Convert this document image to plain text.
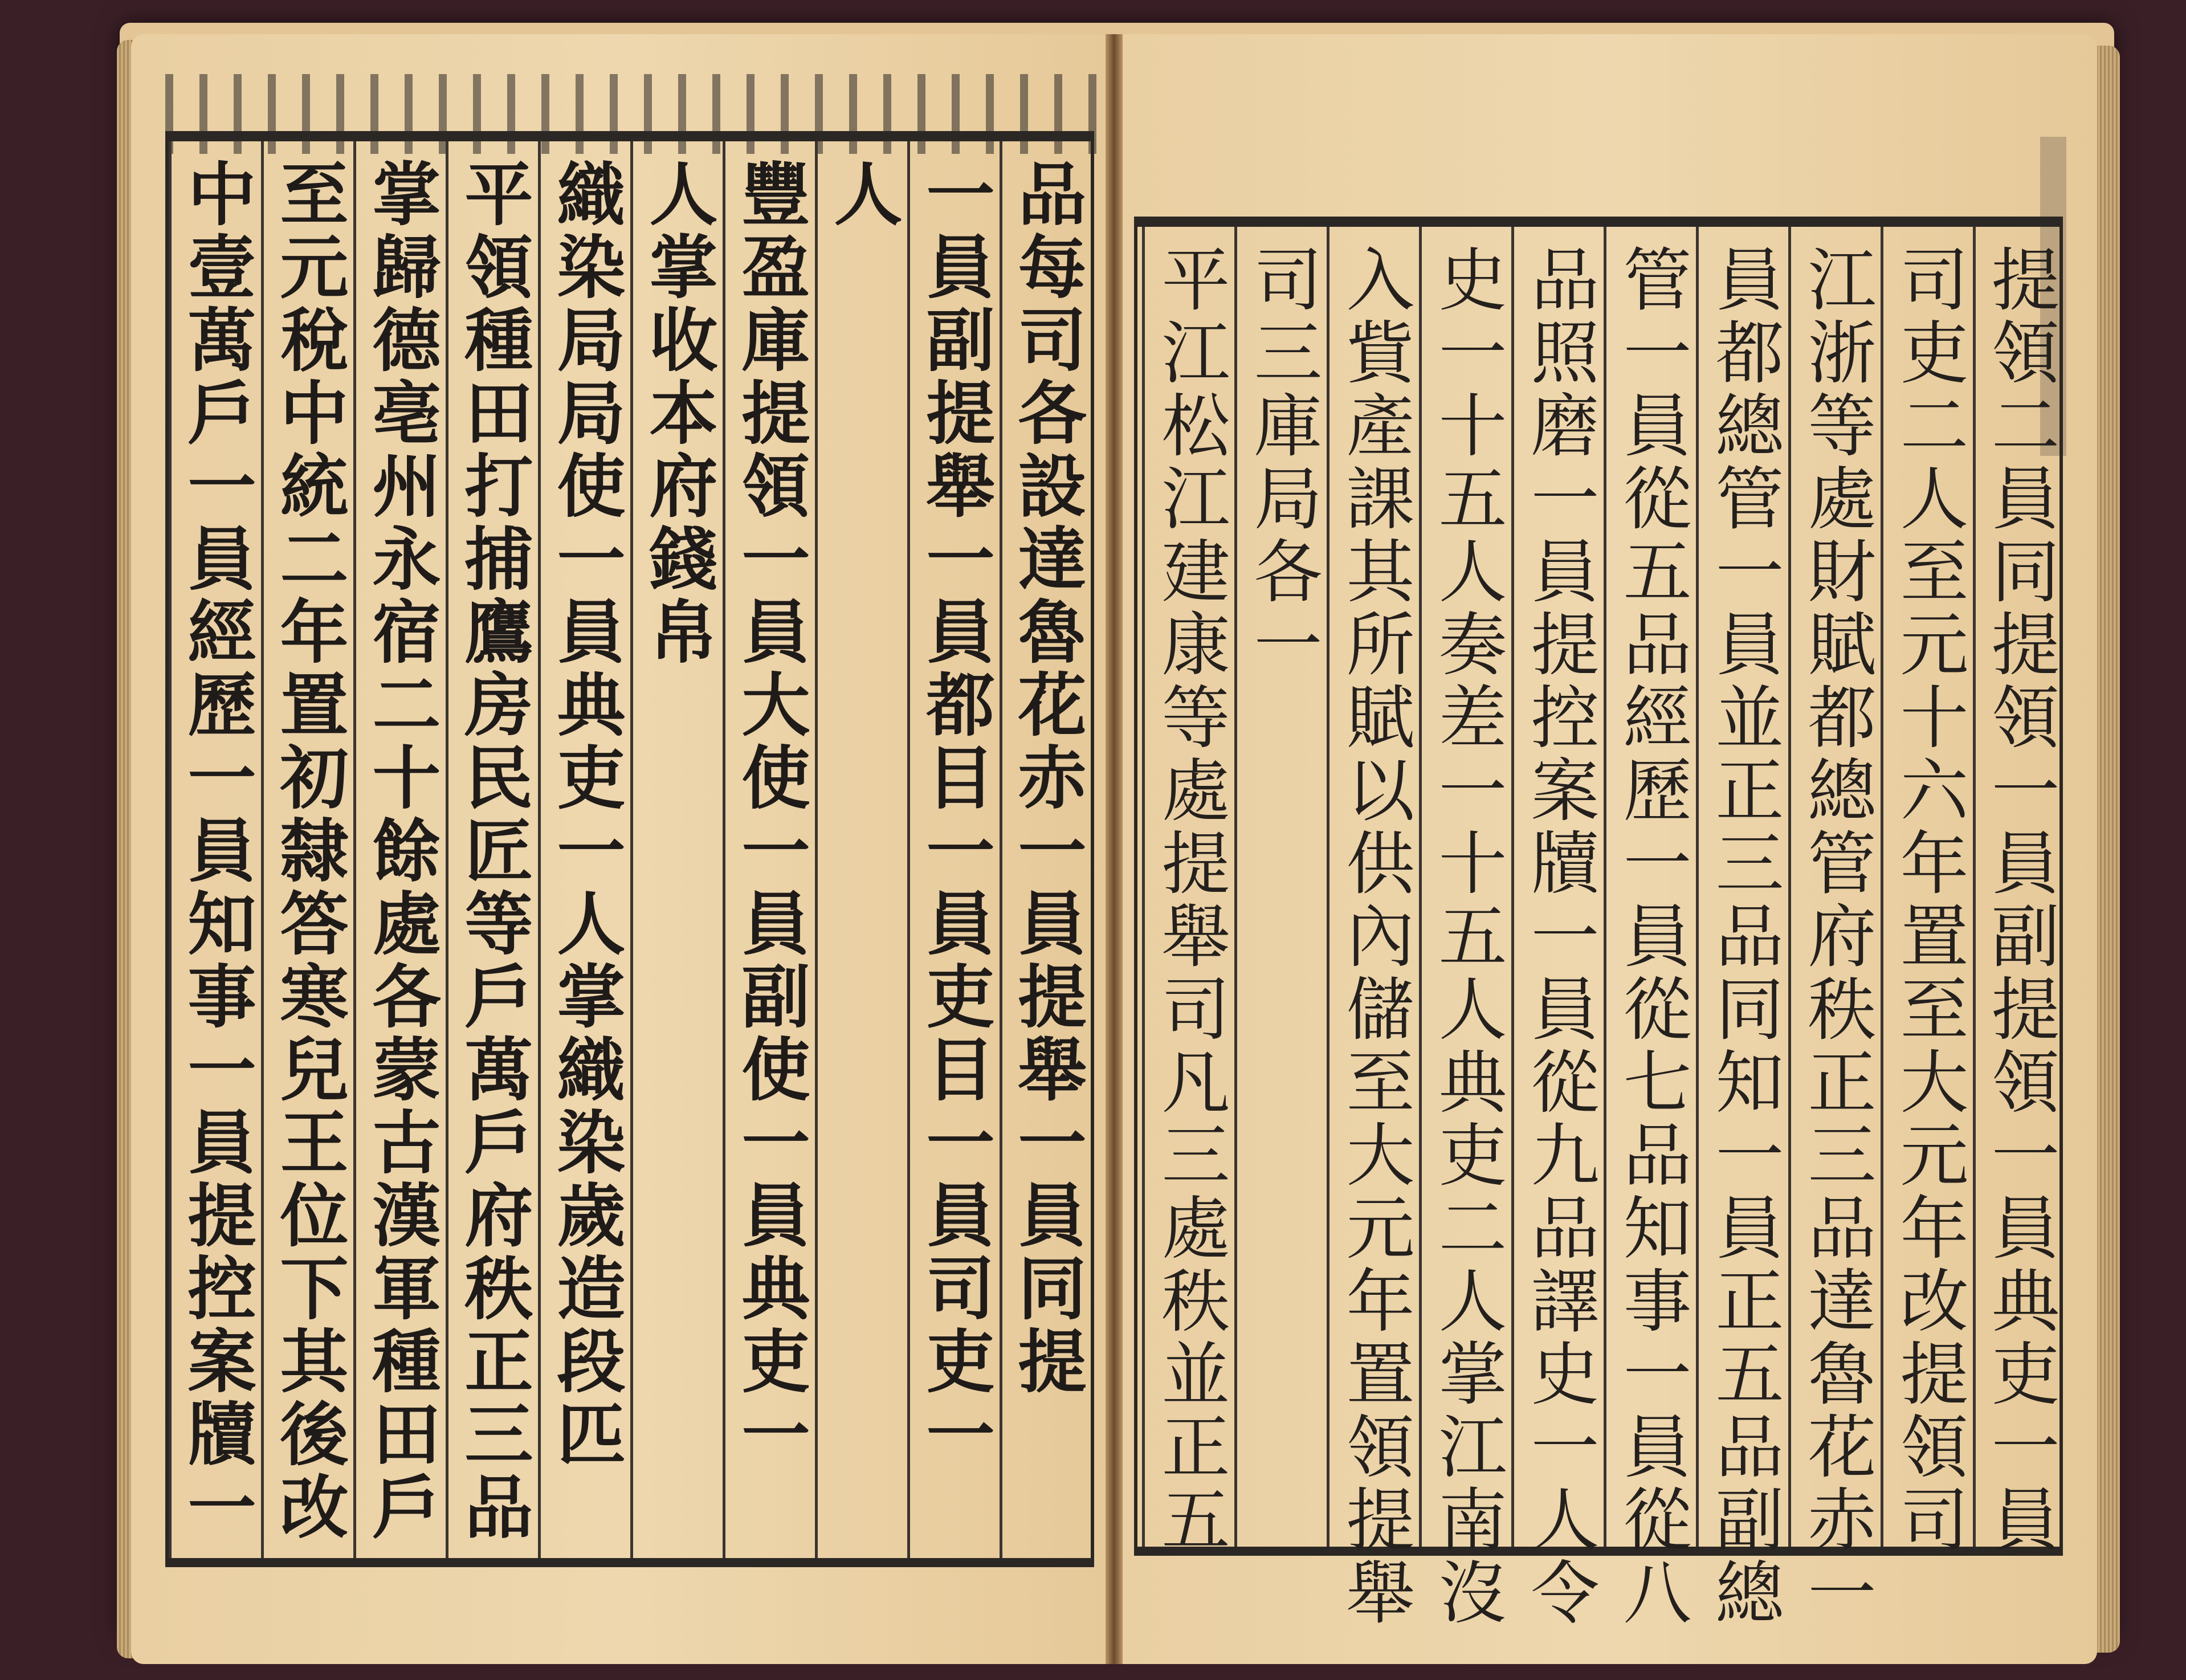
提領二員同提領一員副提領一員典吏一員
司吏二人至元十六年置至大元年改提領司
江浙等處財賦都總管府秩正三品達魯花赤一
員都總管一員並正三品同知一員正五品副總
管一員從五品經歷一員從七品知事一員從八
品照磨一員提控案牘一員從九品譯史一人令
史一十五人奏差一十五人典吏二人掌江南沒
入貲產課其所賦以供內儲至大元年置領提舉
司三庫局各一
平江松江建康等處提舉司凡三處秩並正五
品每司各設達魯花赤一員提舉一員同提
一員副提舉一員都目一員吏目一員司吏一
人
豐盈庫提領一員大使一員副使一員典吏一
人掌收本府錢帛
織染局局使一員典吏一人掌織染歲造段匹
平領種田打捕鷹房民匠等戶萬戶府秩正三品
掌歸德亳州永宿二十餘處各蒙古漢軍種田戶
至元稅中統二年置初隸答寒兒王位下其後改
中壹萬戶一員經歷一員知事一員提控案牘一
